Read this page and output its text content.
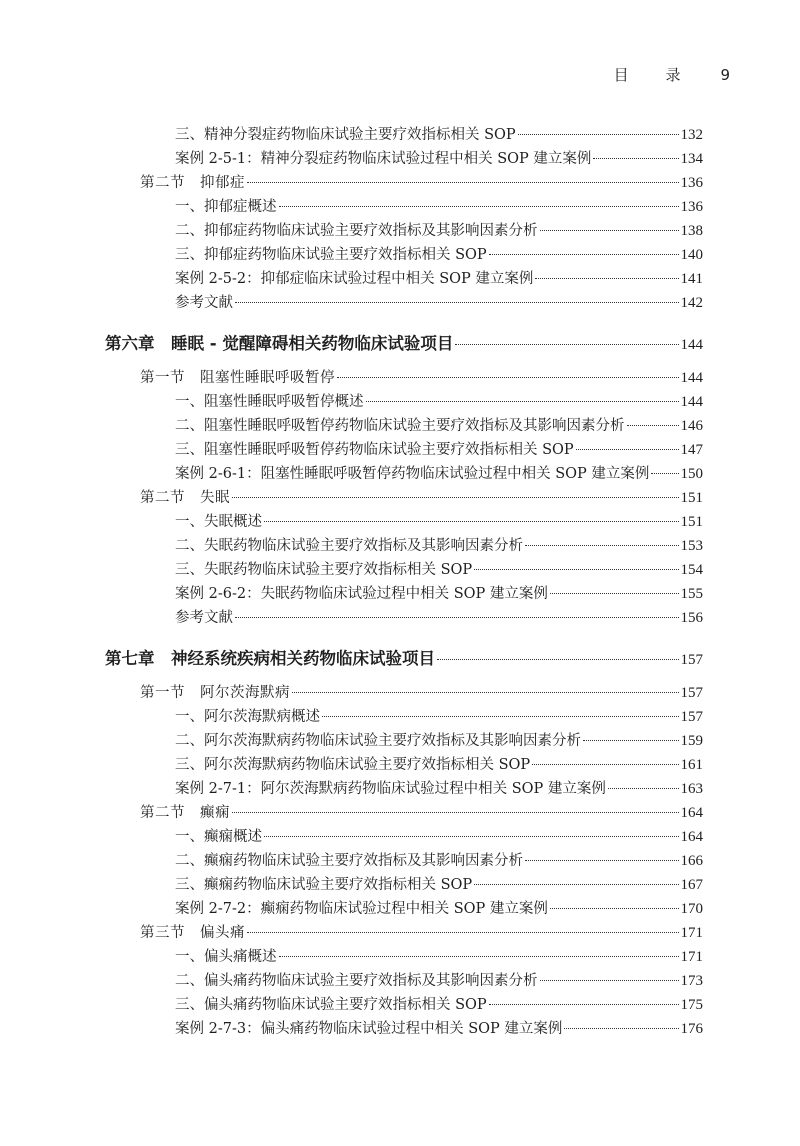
目 录 9
三、精神分裂症药物临床试验主要疗效指标相关 SOP	132
案例 2-5-1：精神分裂症药物临床试验过程中相关 SOP 建立案例	134
第二节　抑郁症	136
一、抑郁症概述	136
二、抑郁症药物临床试验主要疗效指标及其影响因素分析	138
三、抑郁症药物临床试验主要疗效指标相关 SOP	140
案例 2-5-2：抑郁症临床试验过程中相关 SOP 建立案例	141
参考文献	142
第六章　睡眠 - 觉醒障碍相关药物临床试验项目	144
第一节　阻塞性睡眠呼吸暂停	144
一、阻塞性睡眠呼吸暂停概述	144
二、阻塞性睡眠呼吸暂停药物临床试验主要疗效指标及其影响因素分析	146
三、阻塞性睡眠呼吸暂停药物临床试验主要疗效指标相关 SOP	147
案例 2-6-1：阻塞性睡眠呼吸暂停药物临床试验过程中相关 SOP 建立案例 150
第二节　失眠	151
一、失眠概述	151
二、失眠药物临床试验主要疗效指标及其影响因素分析	153
三、失眠药物临床试验主要疗效指标相关 SOP	154
案例 2-6-2：失眠药物临床试验过程中相关 SOP 建立案例	155
参考文献	156
第七章　神经系统疾病相关药物临床试验项目	157
第一节　阿尔茨海默病	157
一、阿尔茨海默病概述	157
二、阿尔茨海默病药物临床试验主要疗效指标及其影响因素分析	159
三、阿尔茨海默病药物临床试验主要疗效指标相关 SOP	161
案例 2-7-1：阿尔茨海默病药物临床试验过程中相关 SOP 建立案例	163
第二节　癫痫	164
一、癫痫概述	164
二、癫痫药物临床试验主要疗效指标及其影响因素分析	166
三、癫痫药物临床试验主要疗效指标相关 SOP	167
案例 2-7-2：癫痫药物临床试验过程中相关 SOP 建立案例	170
第三节　偏头痛	171
一、偏头痛概述	171
二、偏头痛药物临床试验主要疗效指标及其影响因素分析	173
三、偏头痛药物临床试验主要疗效指标相关 SOP	175
案例 2-7-3：偏头痛药物临床试验过程中相关 SOP 建立案例	176
